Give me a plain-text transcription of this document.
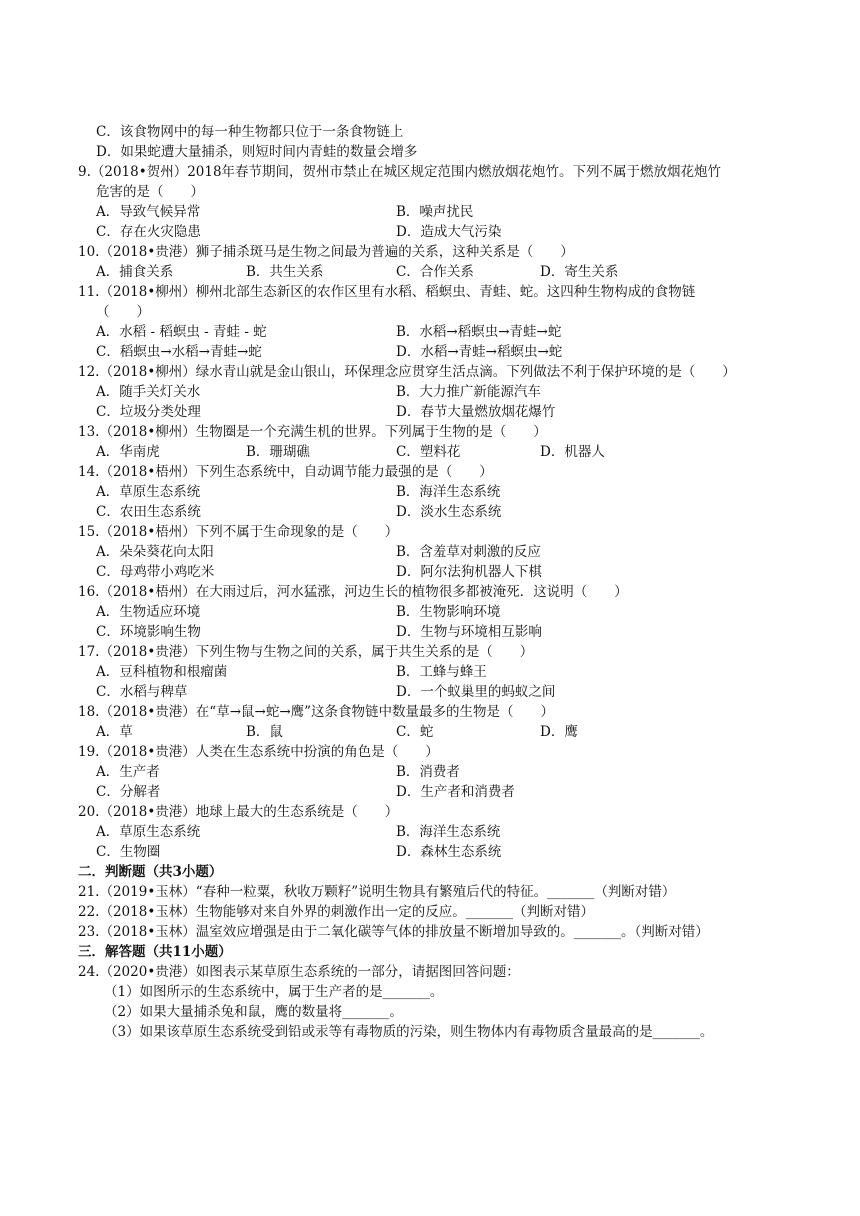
C．该食物网中的每一种生物都只位于一条食物链上
D．如果蛇遭大量捕杀，则短时间内青蛙的数量会增多
9.（2018•贺州）2018年春节期间，贺州市禁止在城区规定范围内燃放烟花炮竹。下列不属于燃放烟花炮竹
危害的是（　　）
A．导致气候异常	B．噪声扰民
C．存在火灾隐患	D．造成大气污染
10.（2018•贵港）狮子捕杀斑马是生物之间最为普遍的关系，这种关系是（　　）
A．捕食关系	B．共生关系	C．合作关系	D．寄生关系
11.（2018•柳州）柳州北部生态新区的农作区里有水稻、稻螟虫、青蛙、蛇。这四种生物构成的食物链
（　　）
A．水稻 - 稻螟虫 - 青蛙 - 蛇	B．水稻→稻螟虫→青蛙→蛇
C．稻螟虫→水稻→青蛙→蛇	D．水稻→青蛙→稻螟虫→蛇
12.（2018•柳州）绿水青山就是金山银山，环保理念应贯穿生活点滴。下列做法不利于保护环境的是（　　）
A．随手关灯关水	B．大力推广新能源汽车
C．垃圾分类处理	D．春节大量燃放烟花爆竹
13.（2018•柳州）生物圈是一个充满生机的世界。下列属于生物的是（　　）
A．华南虎	B．珊瑚礁	C．塑料花	D．机器人
14.（2018•梧州）下列生态系统中，自动调节能力最强的是（　　）
A．草原生态系统	B．海洋生态系统
C．农田生态系统	D．淡水生态系统
15.（2018•梧州）下列不属于生命现象的是（　　）
A．朵朵葵花向太阳	B．含羞草对刺激的反应
C．母鸡带小鸡吃米	D．阿尔法狗机器人下棋
16.（2018•梧州）在大雨过后，河水猛涨，河边生长的植物很多都被淹死．这说明（　　）
A．生物适应环境	B．生物影响环境
C．环境影响生物	D．生物与环境相互影响
17.（2018•贵港）下列生物与生物之间的关系，属于共生关系的是（　　）
A．豆科植物和根瘤菌	B．工蜂与蜂王
C．水稻与稗草	D．一个蚁巢里的蚂蚁之间
18.（2018•贵港）在“草→鼠→蛇→鹰”这条食物链中数量最多的生物是（　　）
A．草	B．鼠	C．蛇	D．鹰
19.（2018•贵港）人类在生态系统中扮演的角色是（　　）
A．生产者	B．消费者
C．分解者	D．生产者和消费者
20.（2018•贵港）地球上最大的生态系统是（　　）
A．草原生态系统	B．海洋生态系统
C．生物圈	D．森林生态系统
二．判断题（共3小题）
21.（2019•玉林）“春种一粒粟，秋收万颗籽”说明生物具有繁殖后代的特征。_______（判断对错）
22.（2018•玉林）生物能够对来自外界的刺激作出一定的反应。_______（判断对错）
23.（2018•玉林）温室效应增强是由于二氧化碳等气体的排放量不断增加导致的。_______。（判断对错）
三．解答题（共11小题）
24.（2020•贵港）如图表示某草原生态系统的一部分，请据图回答问题：
（1）如图所示的生态系统中，属于生产者的是_______。
（2）如果大量捕杀兔和鼠，鹰的数量将_______。
（3）如果该草原生态系统受到铅或汞等有毒物质的污染，则生物体内有毒物质含量最高的是_______。
